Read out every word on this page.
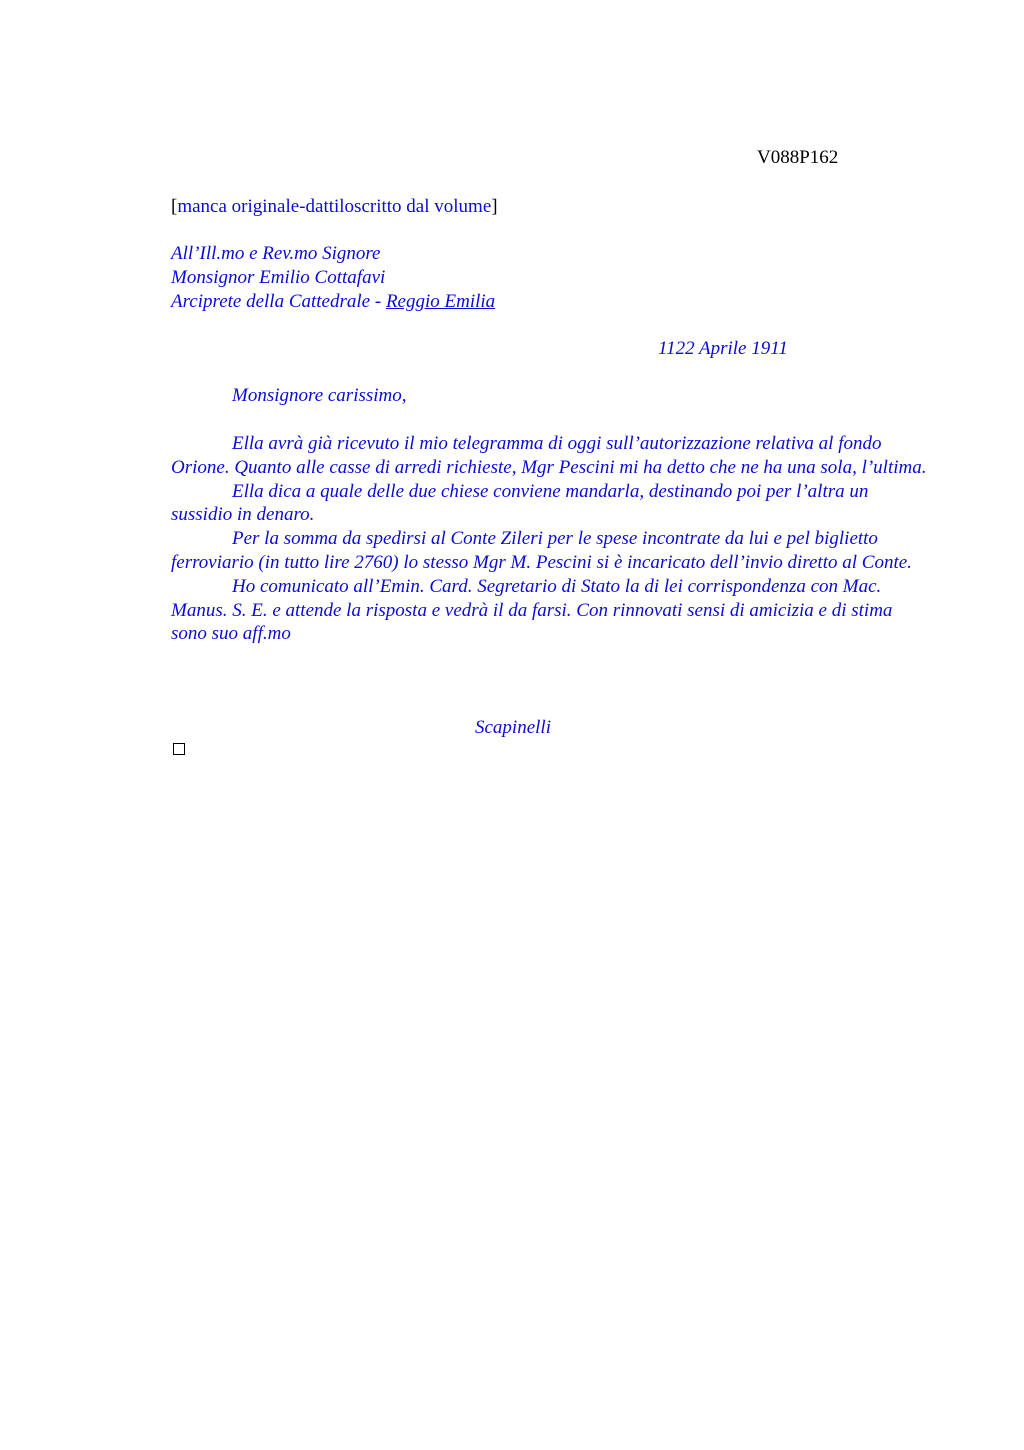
V088P162
[manca originale-dattiloscritto dal volume]
All’Ill.mo e Rev.mo Signore
Monsignor Emilio Cottafavi
Arciprete della Cattedrale - Reggio Emilia
1122 Aprile 1911
Monsignore carissimo,

Ella avrà già ricevuto il mio telegramma di oggi sull’autorizzazione relativa al fondo Orione. Quanto alle casse di arredi richieste, Mgr Pescini mi ha detto che ne ha una sola, l’ultima.

Ella dica a quale delle due chiese conviene mandarla, destinando poi per l’altra un sussidio in denaro.

Per la somma da spedirsi al Conte Zileri per le spese incontrate da lui e pel biglietto ferroviario (in tutto lire 2760) lo stesso Mgr M. Pescini si è incaricato dell’invio diretto al Conte.

Ho comunicato all’Emin. Card. Segretario di Stato la di lei corrispondenza con Mac. Manus. S. E. e attende la risposta e vedrà il da farsi. Con rinnovati sensi di amicizia e di stima sono suo aff.mo

Scapinelli
